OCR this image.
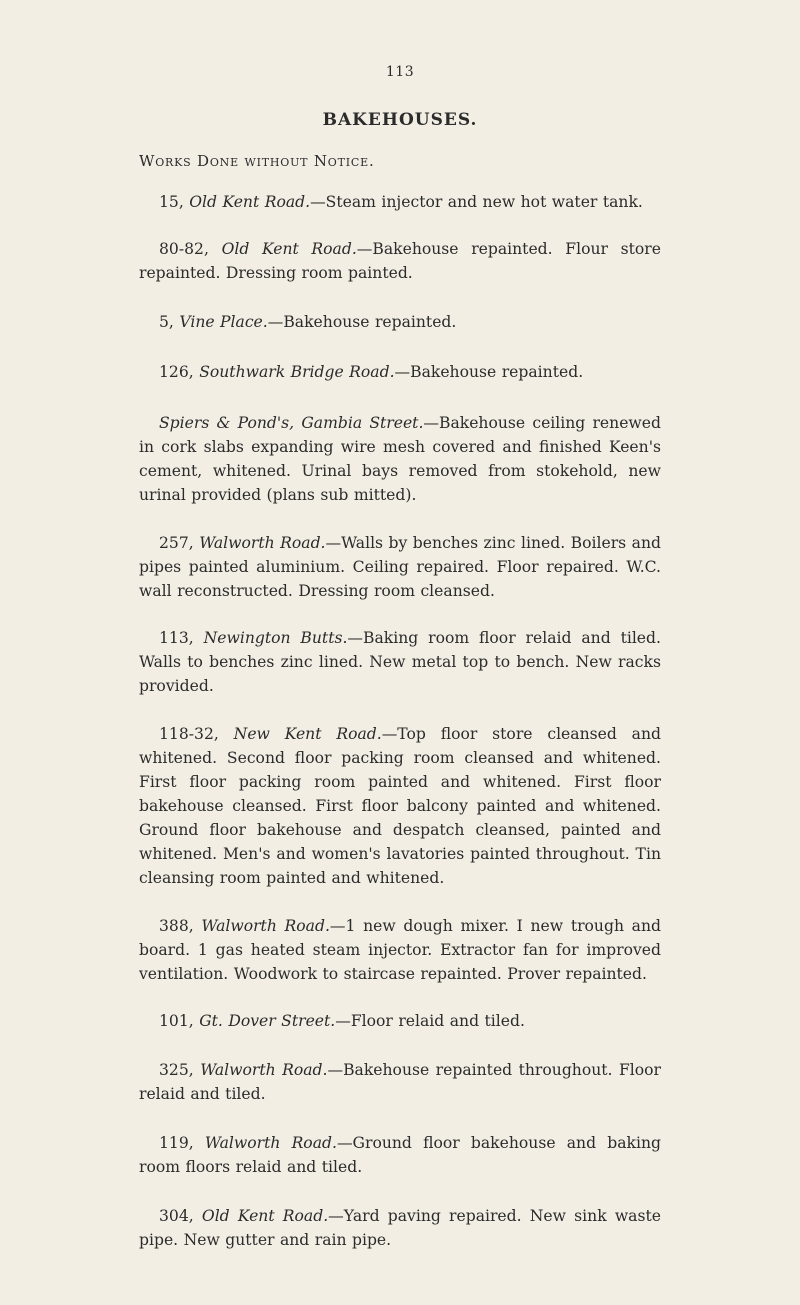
113
BAKEHOUSES.
Works Done without Notice.

15, Old Kent Road.—Steam injector and new hot water tank.

80-82, Old Kent Road.—Bakehouse repainted. Flour store repainted. Dressing room painted.

5, Vine Place.—Bakehouse repainted.

126, Southwark Bridge Road.—Bakehouse repainted.

Spiers & Pond's, Gambia Street.—Bakehouse ceiling renewed in cork slabs expanding wire mesh covered and finished Keen's cement, whitened. Urinal bays removed from stokehold, new urinal provided (plans sub mitted).

257, Walworth Road.—Walls by benches zinc lined. Boilers and pipes painted aluminium. Ceiling repaired. Floor repaired. W.C. wall reconstructed. Dressing room cleansed.

113, Newington Butts.—Baking room floor relaid and tiled. Walls to benches zinc lined. New metal top to bench. New racks provided.

118-32, New Kent Road.—Top floor store cleansed and whitened. Second floor packing room cleansed and whitened. First floor packing room painted and whitened. First floor bakehouse cleansed. First floor balcony painted and whitened. Ground floor bakehouse and despatch cleansed, painted and whitened. Men's and women's lavatories painted throughout. Tin cleansing room painted and whitened.

388, Walworth Road.—1 new dough mixer. I new trough and board. 1 gas heated steam injector. Extractor fan for improved ventilation. Woodwork to staircase repainted. Prover repainted.

101, Gt. Dover Street.—Floor relaid and tiled.

325, Walworth Road.—Bakehouse repainted throughout. Floor relaid and tiled.

119, Walworth Road.—Ground floor bakehouse and baking room floors relaid and tiled.

304, Old Kent Road.—Yard paving repaired. New sink waste pipe. New gutter and rain pipe.
